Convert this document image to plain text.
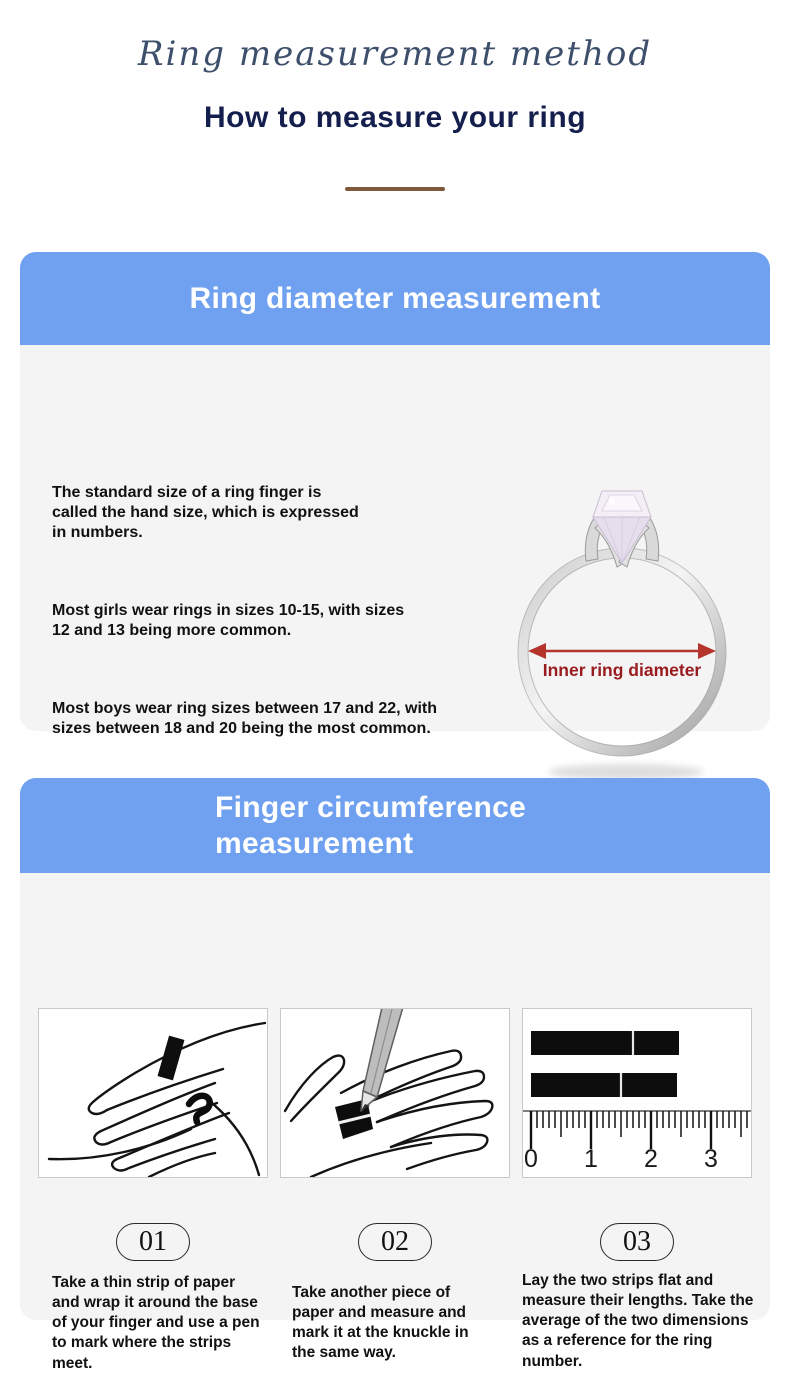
Ring measurement method
How to measure your ring
Ring diameter measurement
The standard size of a ring finger is called the hand size, which is expressed in numbers.
Most girls wear rings in sizes 10-15, with sizes 12 and 13 being more common.
Most boys wear ring sizes between 17 and 22, with sizes between 18 and 20 being the most common.
Inner ring diameter
Finger circumference
measurement
0 1 2 3
01	02	03
Take a thin strip of paper and wrap it around the base of your finger and use a pen to mark where the strips meet.
Take another piece of paper and measure and mark it at the knuckle in the same way.
Lay the two strips flat and measure their lengths. Take the average of the two dimensions as a reference for the ring number.
